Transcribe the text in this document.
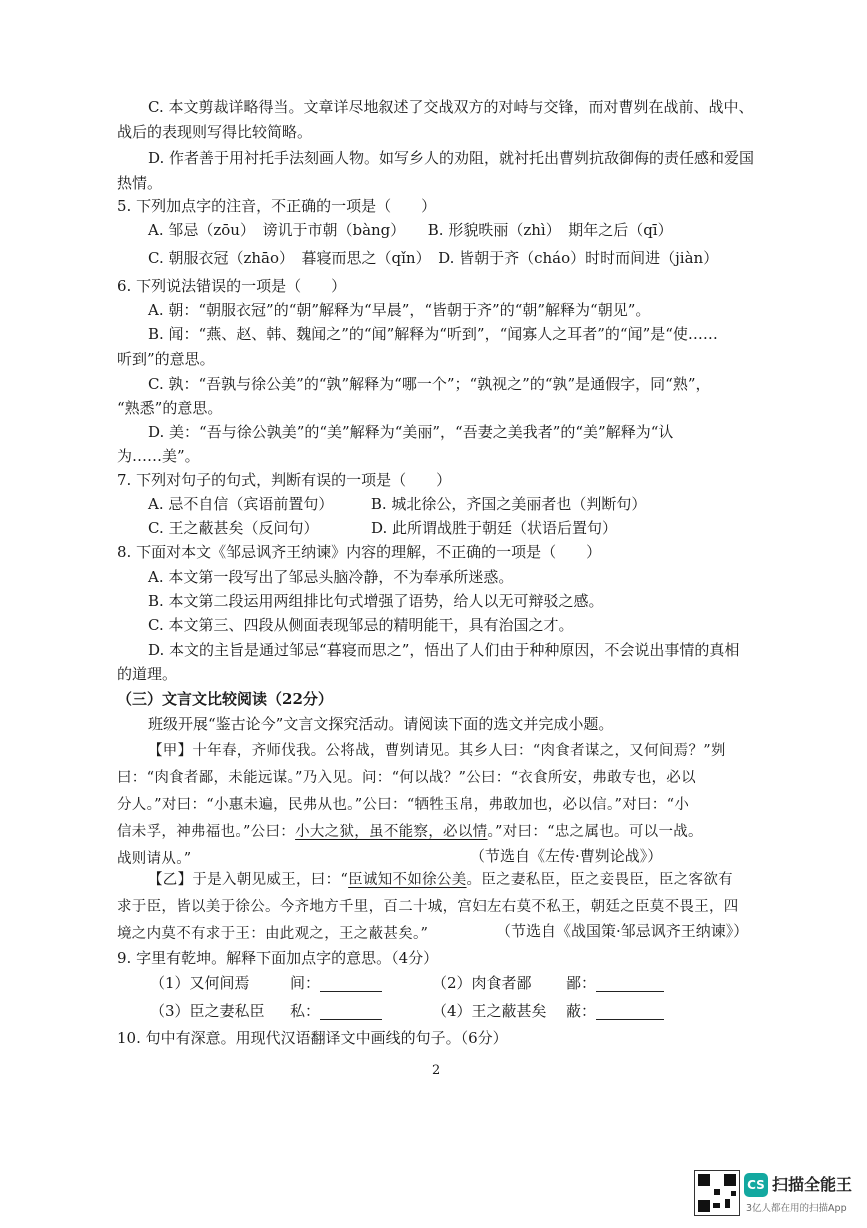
C. 本文剪裁详略得当。文章详尽地叙述了交战双方的对峙与交锋，而对曹刿在战前、战中、
战后的表现则写得比较简略。
D. 作者善于用衬托手法刻画人物。如写乡人的劝阻，就衬托出曹刿抗敌御侮的责任感和爱国
热情。
5. 下列加点字的注音，不正确的一项是（　　）
A. 邹忌（zōu）　谤讥于市朝（bàng）　　B. 形貌昳丽（zhì）　期年之后（qī）
C. 朝服衣冠（zhāo）　暮寝而思之（qǐn）　D. 皆朝于齐（cháo）时时而间进（jiàn）
6. 下列说法错误的一项是（　　）
A. 朝：“朝服衣冠”的“朝”解释为“早晨”，“皆朝于齐”的“朝”解释为“朝见”。
B. 闻：“燕、赵、韩、魏闻之”的“闻”解释为“听到”，“闻寡人之耳者”的“闻”是“使……
听到”的意思。
C. 孰：“吾孰与徐公美”的“孰”解释为“哪一个”；“孰视之”的“孰”是通假字，同“熟”，
“熟悉”的意思。
D. 美：“吾与徐公孰美”的“美”解释为“美丽”，“吾妻之美我者”的“美”解释为“认
为……美”。
7. 下列对句子的句式，判断有误的一项是（　　）
A. 忌不自信（宾语前置句）　　　B. 城北徐公，齐国之美丽者也（判断句）
C. 王之蔽甚矣（反问句）　　　　D. 此所谓战胜于朝廷（状语后置句）
8. 下面对本文《邹忌讽齐王纳谏》内容的理解，不正确的一项是（　　）
A. 本文第一段写出了邹忌头脑冷静，不为奉承所迷惑。
B. 本文第二段运用两组排比句式增强了语势，给人以无可辩驳之感。
C. 本文第三、四段从侧面表现邹忌的精明能干，具有治国之才。
D. 本文的主旨是通过邹忌“暮寝而思之”，悟出了人们由于种种原因，不会说出事情的真相
的道理。
（三）文言文比较阅读（22分）
班级开展“鉴古论今”文言文探究活动。请阅读下面的选文并完成小题。
【甲】十年春，齐师伐我。公将战，曹刿请见。其乡人曰：“肉食者谋之，又何间焉？”刿
曰：“肉食者鄙，未能远谋。”乃入见。问：“何以战？”公曰：“衣食所安，弗敢专也，必以
分人。”对曰：“小惠未遍，民弗从也。”公曰：“牺牲玉帛，弗敢加也，必以信。”对曰：“小
信未孚，神弗福也。”公曰：小大之狱，虽不能察，必以情。”对曰：“忠之属也。可以一战。
战则请从。”	（节选自《左传·曹刿论战》）
【乙】于是入朝见威王，曰：“臣诚知不如徐公美。臣之妻私臣，臣之妾畏臣，臣之客欲有
求于臣，皆以美于徐公。今齐地方千里，百二十城，宫妇左右莫不私王，朝廷之臣莫不畏王，四
境之内莫不有求于王：由此观之，王之蔽甚矣。”	（节选自《战国策·邹忌讽齐王纳谏》）
9. 字里有乾坤。解释下面加点字的意思。（4分）
10. 句中有深意。用现代汉语翻译文中画线的句子。（6分）
（1）又何间焉	间：	（2）肉食者鄙 鄙：
（3）臣之妻私臣 私：	（4）王之蔽甚矣 蔽：
2
CS 扫描全能王
3亿人都在用的扫描App
